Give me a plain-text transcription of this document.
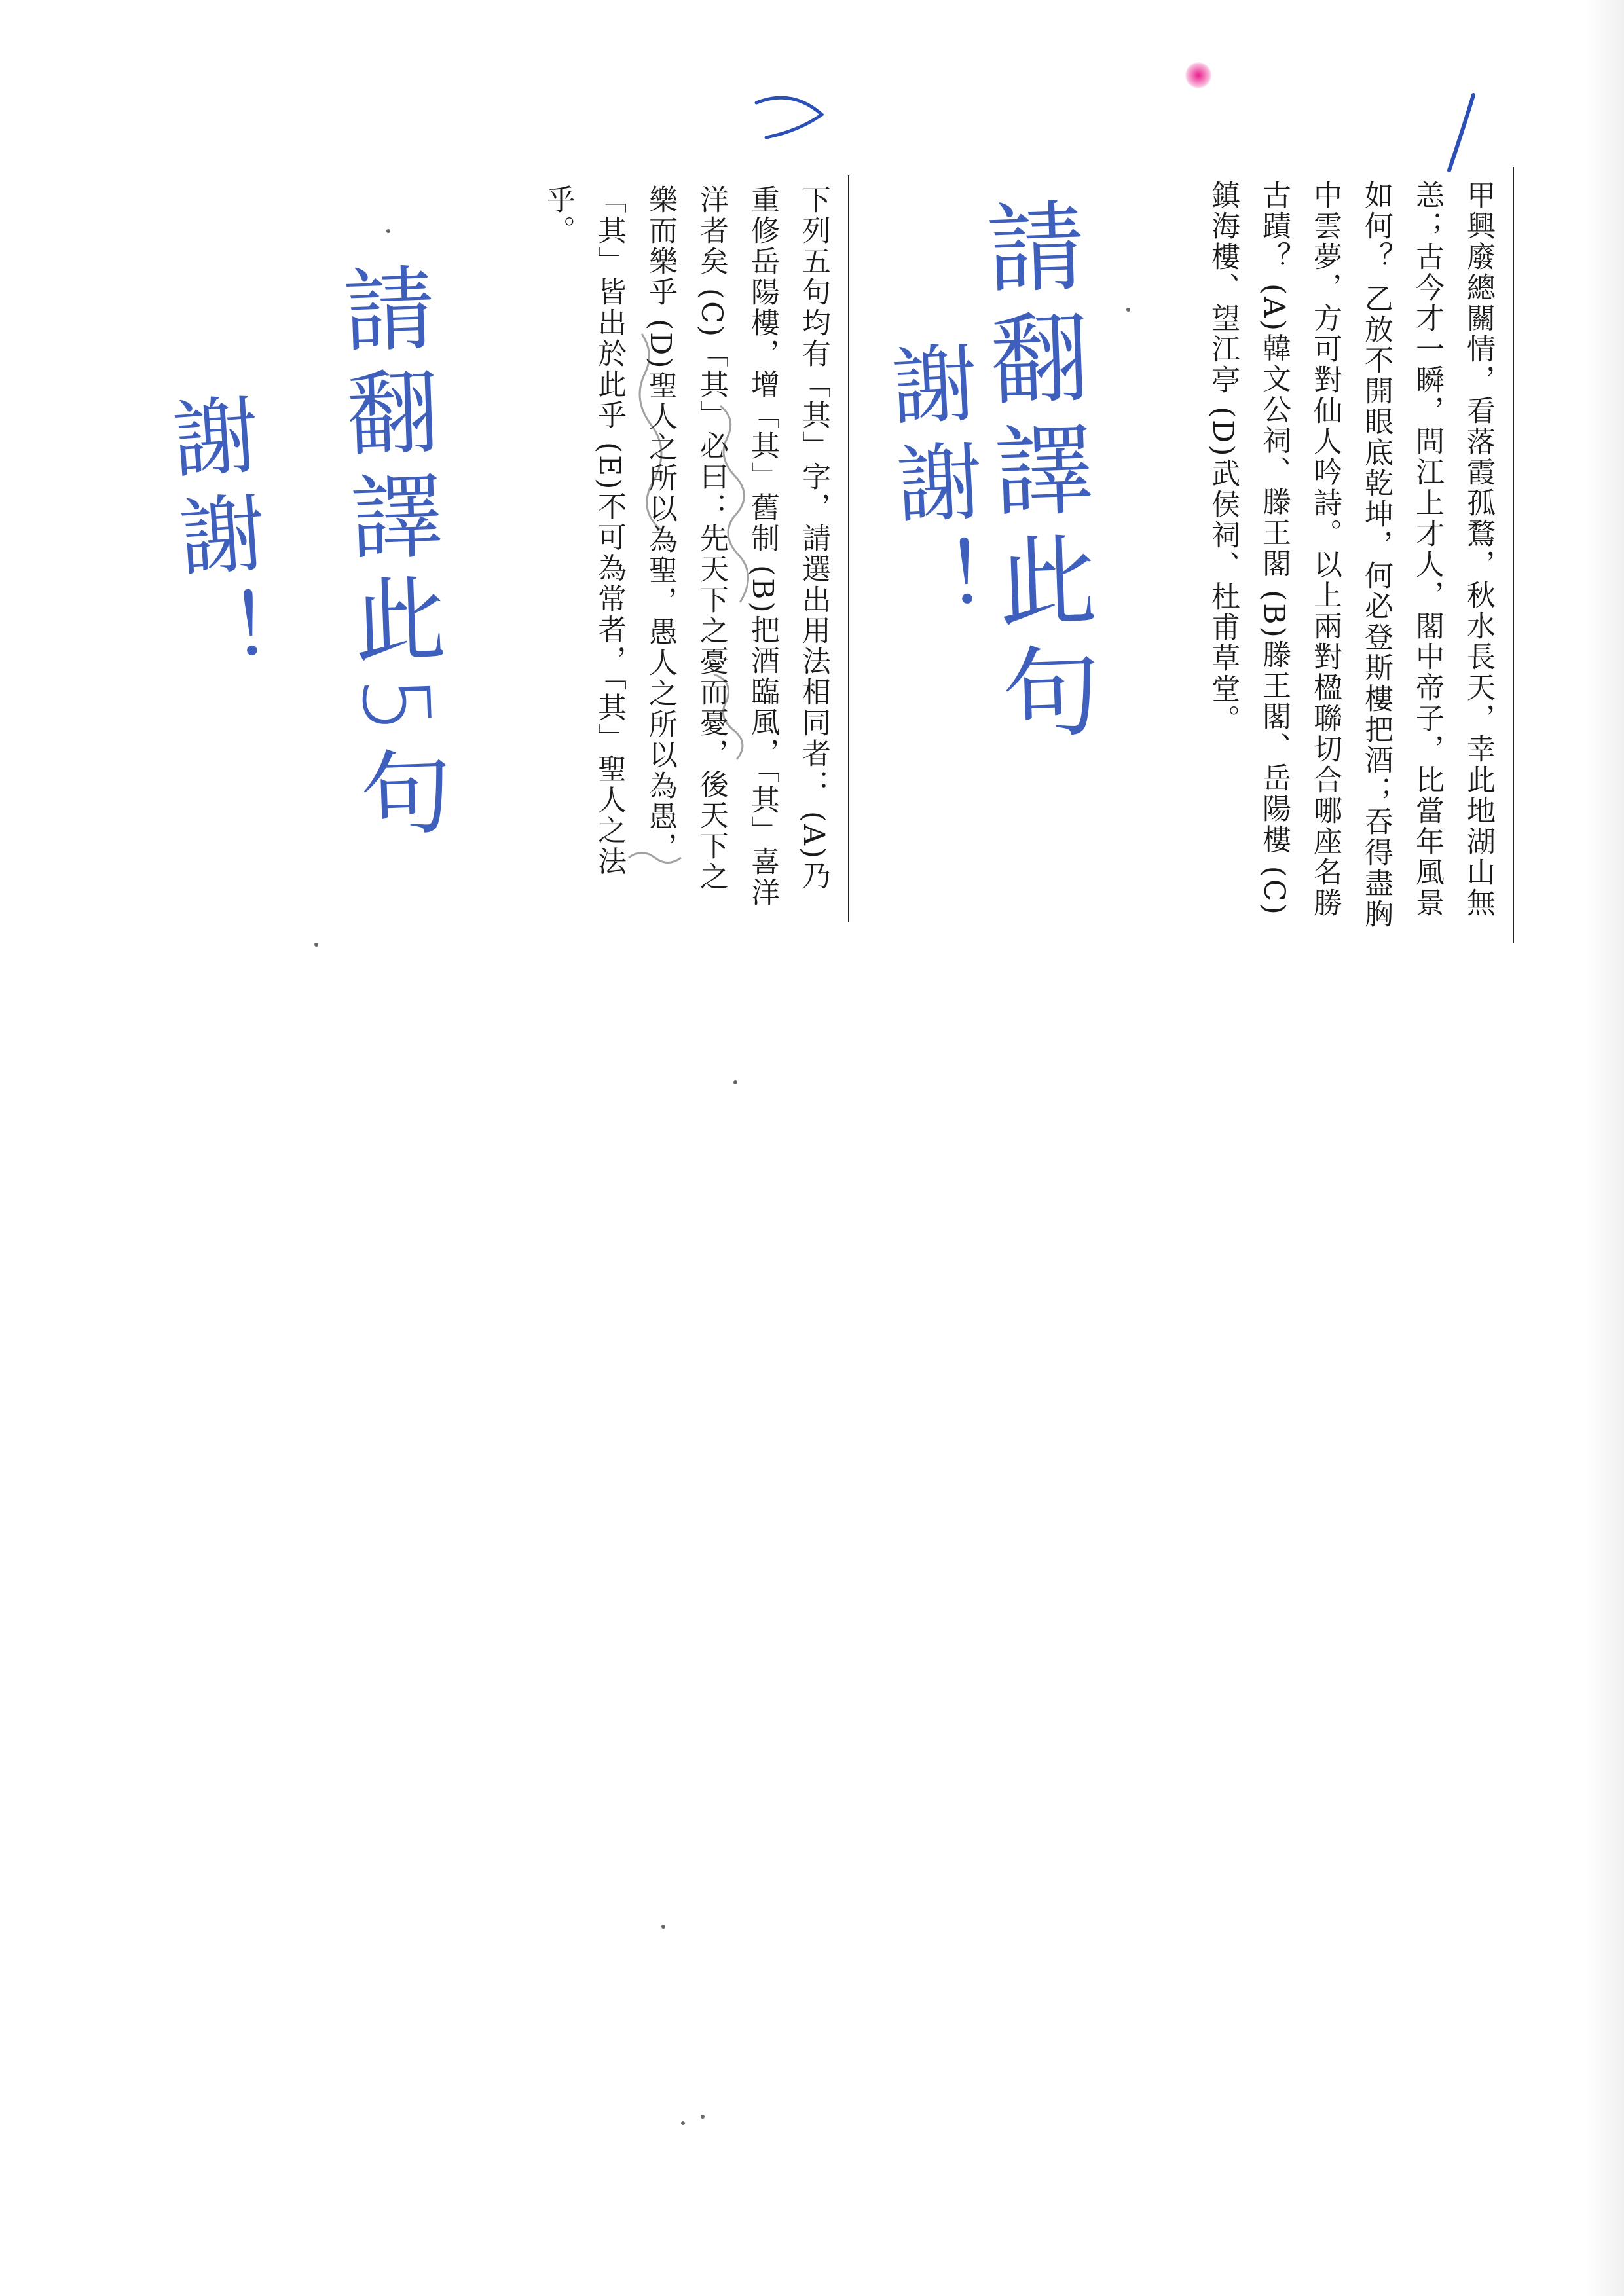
甲興廢總關情，看落霞孤鶩，秋水長天，幸此地湖山無恙；古今才一瞬，問江上才人，閣中帝子，比當年風景如何？ 乙放不開眼底乾坤，何必登斯樓把酒；吞得盡胸中雲夢，方可對仙人吟詩。以上兩對楹聯切合哪座名勝古蹟？ (A)韓文公祠、滕王閣 (B)滕王閣、岳陽樓 (C)鎮海樓、望江亭 (D)武侯祠、杜甫草堂。
下列五句均有「其」字，請選出用法相同者： (A)乃重修岳陽樓，增「其」舊制 (B)把酒臨風，「其」喜洋洋者矣 (C)「其」必曰：先天下之憂而憂，後天下之樂而樂乎 (D)聖人之所以為聖，愚人之所以為愚，「其」皆出於此乎 (E)不可為常者，「其」聖人之法乎。	請翻譯此句
謝謝！
請翻譯此5句
謝謝！
